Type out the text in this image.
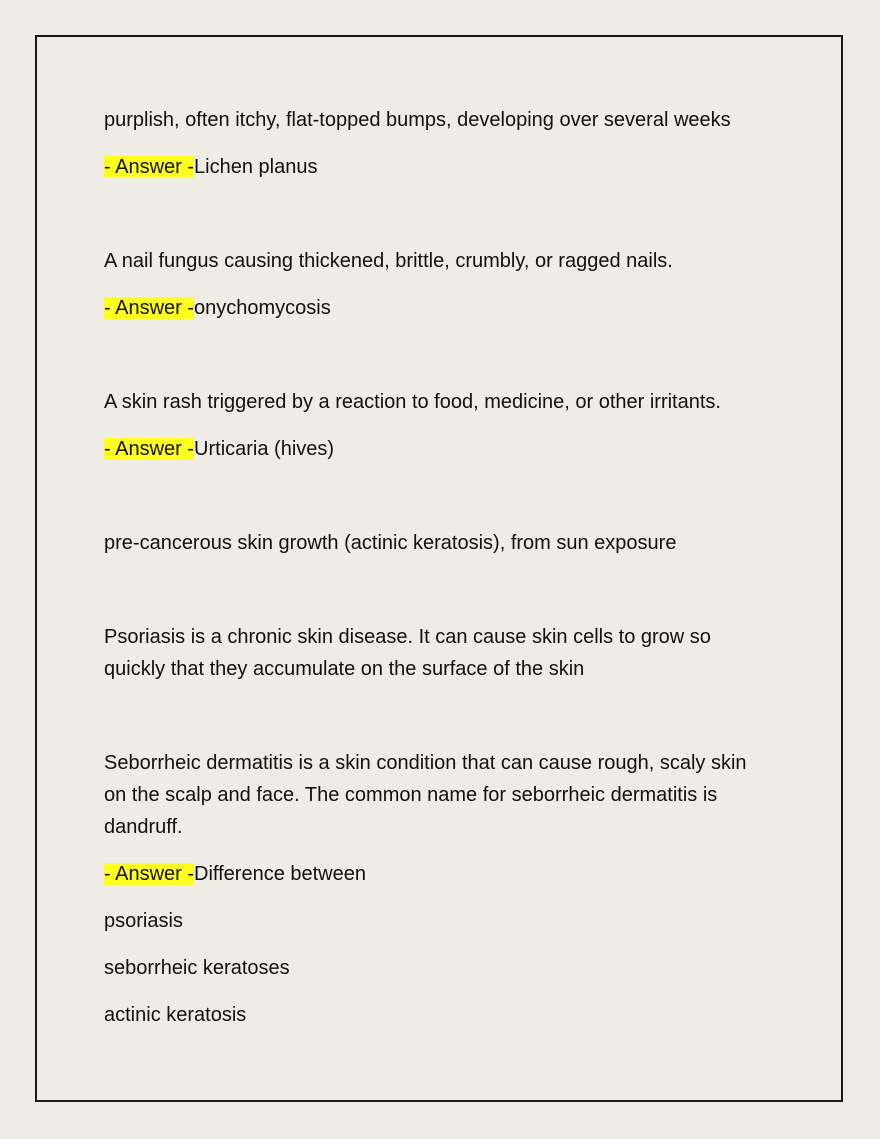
purplish, often itchy, flat-topped bumps, developing over several weeks

- Answer -Lichen planus

A nail fungus causing thickened, brittle, crumbly, or ragged nails.

- Answer -onychomycosis

A skin rash triggered by a reaction to food, medicine, or other irritants.

- Answer -Urticaria (hives)

pre-cancerous skin growth (actinic keratosis), from sun exposure

Psoriasis is a chronic skin disease. It can cause skin cells to grow so

quickly that they accumulate on the surface of the skin

Seborrheic dermatitis is a skin condition that can cause rough, scaly skin

on the scalp and face. The common name for seborrheic dermatitis is

dandruff.

- Answer -Difference between

psoriasis

seborrheic keratoses

actinic keratosis
